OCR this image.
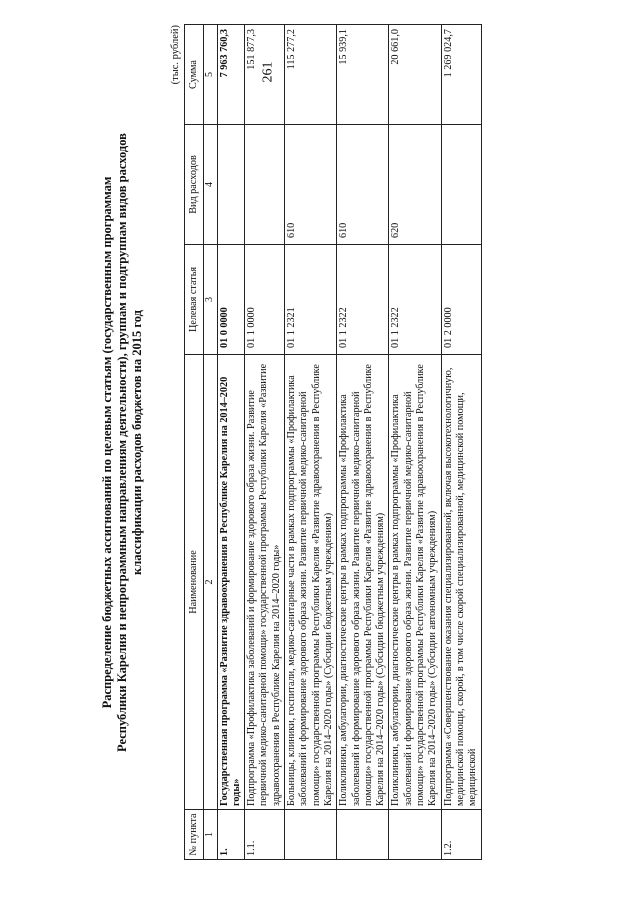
261
Распределение бюджетных ассигнований по целевым статьям (государственным программам Республики Карелия и непрограммным направлениям деятельности), группам и подгруппам видов расходов классификации расходов бюджетов на 2015 год
(тыс. рублей)
№ пункта	Наименование	Целевая статья	Вид расходов	Сумма
1	2	3	4	5
1.	Государственная программа «Развитие здравоохранения в Республике Карелия на 2014–2020 годы»	01 0 0000		7 963 760,3
1.1.	Подпрограмма «Профилактика заболеваний и формирование здорового образа жизни. Развитие первичной медико-санитарной помощи» государственной программы Республики Карелия «Развитие здравоохранения в Республике Карелия на 2014–2020 годы»	01 1 0000		151 877,3
	Больницы, клиники, госпитали, медико-санитарные части в рамках подпрограммы «Профилактика заболеваний и формирование здорового образа жизни. Развитие первичной медико-санитарной помощи» государственной программы Республики Карелия «Развитие здравоохранения в Республике Карелия на 2014–2020 годы» (Субсидии бюджетным учреждениям)	01 1 2321	610	115 277,2
	Поликлиники, амбулатории, диагностические центры в рамках подпрограммы «Профилактика заболеваний и формирование здорового образа жизни. Развитие первичной медико-санитарной помощи» государственной программы Республики Карелия «Развитие здравоохранения в Республике Карелия на 2014–2020 годы» (Субсидии бюджетным учреждениям)	01 1 2322	610	15 939,1
	Поликлиники, амбулатории, диагностические центры в рамках подпрограммы «Профилактика заболеваний и формирование здорового образа жизни. Развитие первичной медико-санитарной помощи» государственной программы Республики Карелия «Развитие здравоохранения в Республике Карелия на 2014–2020 годы» (Субсидии автономным учреждениям)	01 1 2322	620	20 661,0
1.2.	Подпрограмма «Совершенствование оказания специализированной, включая высокотехнологичную, медицинской помощи, скорой, в том числе скорой специализированной, медицинской помощи, медицинской	01 2 0000		1 269 024,7
